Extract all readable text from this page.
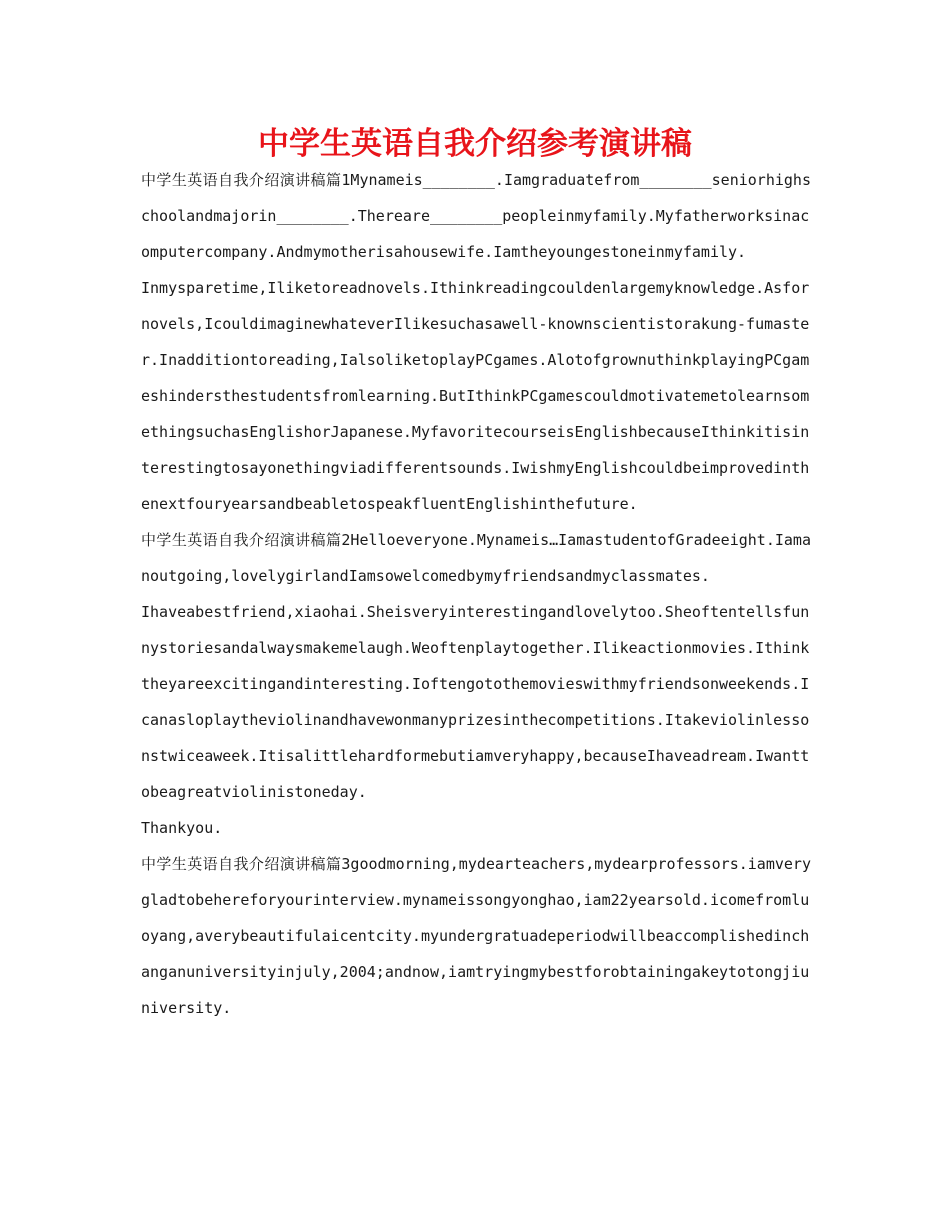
中学生英语自我介绍参考演讲稿

中学生英语自我介绍演讲稿篇1Mynameis________.Iamgraduatefrom________seniorhighschoolandmajorin________.Thereare________peopleinmyfamily.Myfatherworksinacomputercompany.Andmymotherisahousewife.Iamtheyoungestoneinmyfamily.

Inmysparetime,Iliketoreadnovels.Ithinkreadingcouldenlargemyknowledge.Asfornovels,IcouldimaginewhateverIlikesuchasawell-knownscientistorakung-fumaster.Inadditiontoreading,IalsoliketoplayPCgames.AlotofgrownuthinkplayingPCgameshindersthestudentsfromlearning.ButIthinkPCgamescouldmotivatemetolearnsomethingsuchasEnglishorJapanese.MyfavoritecourseisEnglishbecauseIthinkitisinterestingtosayonethingviadifferentsounds.IwishmyEnglishcouldbeimprovedinthenextfouryearsandbeabletospeakfluentEnglishinthefuture.

中学生英语自我介绍演讲稿篇2Helloeveryone.Mynameis…IamastudentofGradeeight.Iamanoutgoing,lovelygirlandIamsowelcomedbymyfriendsandmyclassmates.

Ihaveabestfriend,xiaohai.Sheisveryinterestingandlovelytoo.Sheoftentellsfunnystoriesandalwaysmakemelaugh.Weoftenplaytogether.Ilikeactionmovies.Ithinktheyareexcitingandinteresting.Ioftengotothemovieswithmyfriendsonweekends.Icanasloplaytheviolinandhavewonmanyprizesinthecompetitions.Itakeviolinlessonstwiceaweek.Itisalittlehardformebutiamveryhappy,becauseIhaveadream.Iwanttobeagreatviolinistoneday.

Thankyou.

中学生英语自我介绍演讲稿篇3goodmorning,mydearteachers,mydearprofessors.iamverygladtobehereforyourinterview.mynameissongyonghao,iam22yearsold.icomefromluoyang,averybeautifulaicentcity.myundergratuadeperiodwillbeaccomplishedinchanganuniversityinjuly,2004;andnow,iamtryingmybestforobtainingakeytotongjiuniversity.
